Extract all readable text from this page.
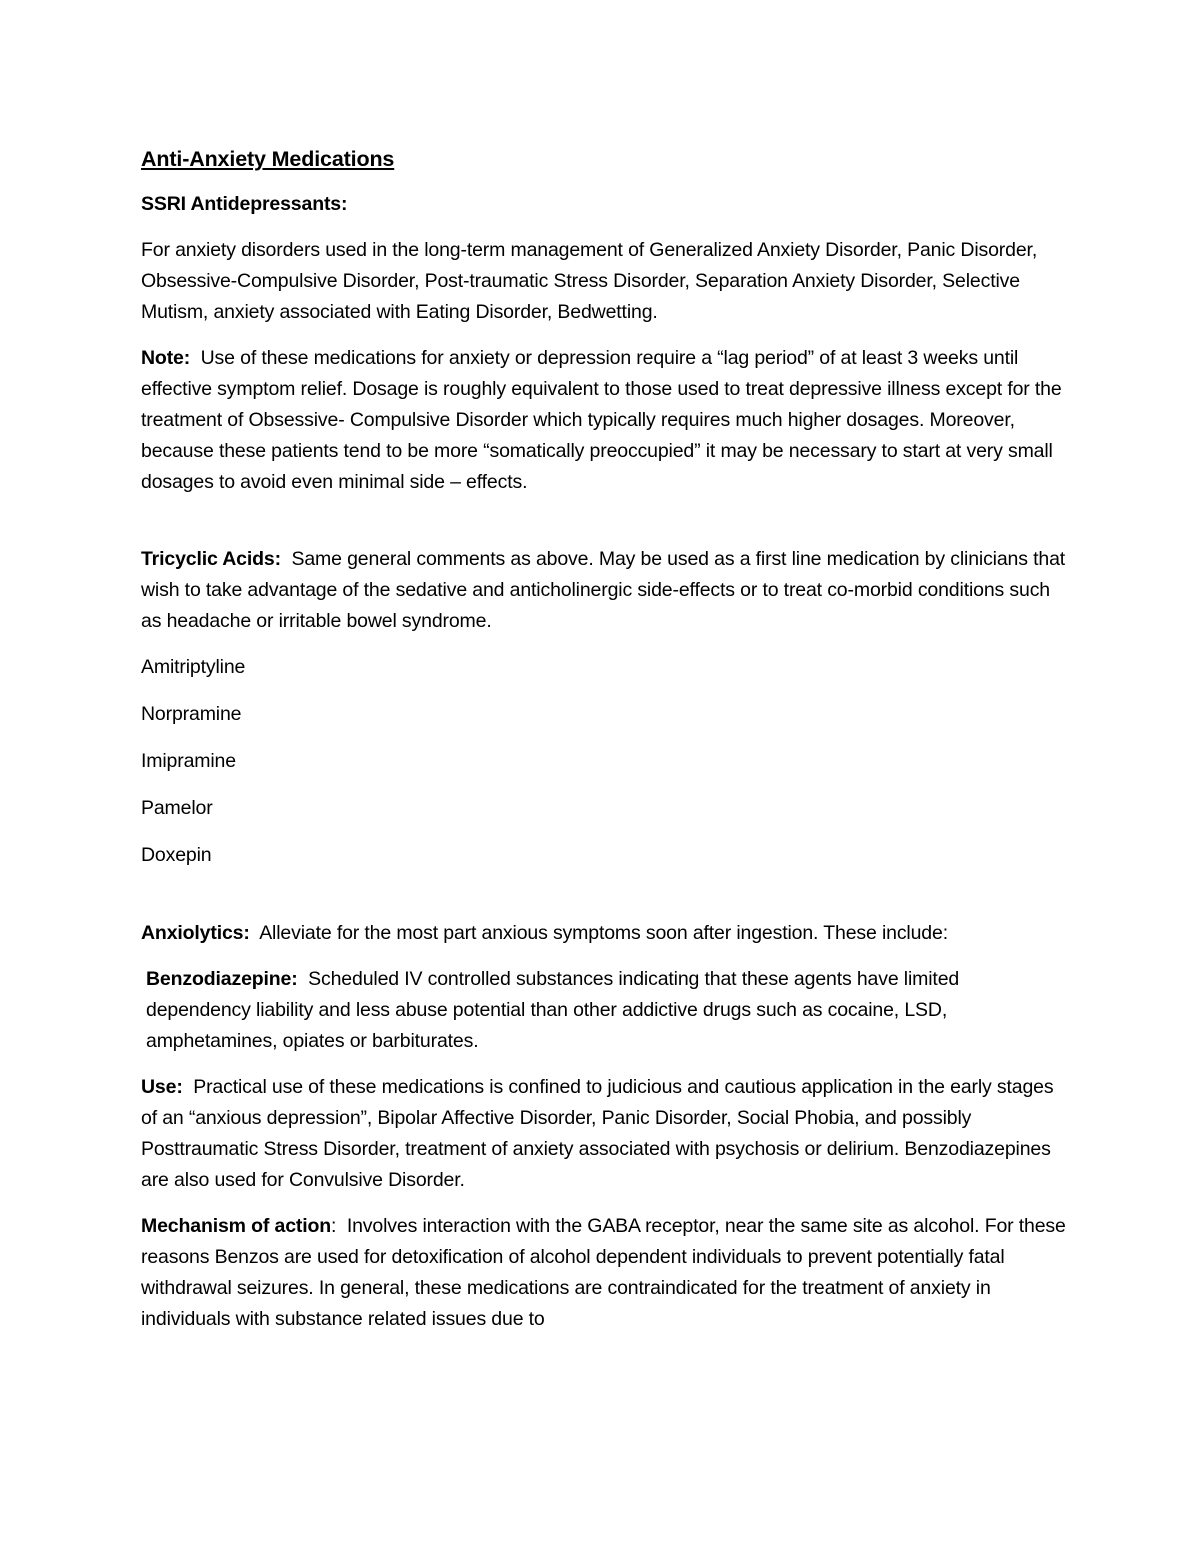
Anti-Anxiety Medications
SSRI Antidepressants:

For anxiety disorders used in the long-term management of Generalized Anxiety Disorder, Panic Disorder, Obsessive-Compulsive Disorder, Post-traumatic Stress Disorder, Separation Anxiety Disorder, Selective Mutism, anxiety associated with Eating Disorder, Bedwetting.

Note: Use of these medications for anxiety or depression require a “lag period” of at least 3 weeks until effective symptom relief. Dosage is roughly equivalent to those used to treat depressive illness except for the treatment of Obsessive- Compulsive Disorder which typically requires much higher dosages. Moreover, because these patients tend to be more “somatically preoccupied” it may be necessary to start at very small dosages to avoid even minimal side – effects.

Tricyclic Acids: Same general comments as above. May be used as a first line medication by clinicians that wish to take advantage of the sedative and anticholinergic side-effects or to treat co-morbid conditions such as headache or irritable bowel syndrome.

Amitriptyline
Norpramine
Imipramine
Pamelor
Doxepin

Anxiolytics: Alleviate for the most part anxious symptoms soon after ingestion. These include:

Benzodiazepine: Scheduled IV controlled substances indicating that these agents have limited dependency liability and less abuse potential than other addictive drugs such as cocaine, LSD, amphetamines, opiates or barbiturates.

Use: Practical use of these medications is confined to judicious and cautious application in the early stages of an “anxious depression”, Bipolar Affective Disorder, Panic Disorder, Social Phobia, and possibly Posttraumatic Stress Disorder, treatment of anxiety associated with psychosis or delirium. Benzodiazepines are also used for Convulsive Disorder.

Mechanism of action:  Involves interaction with the GABA receptor, near the same site as alcohol. For these reasons Benzos are used for detoxification of alcohol dependent individuals to prevent potentially fatal withdrawal seizures. In general, these medications are contraindicated for the treatment of anxiety in individuals with substance related issues due to
